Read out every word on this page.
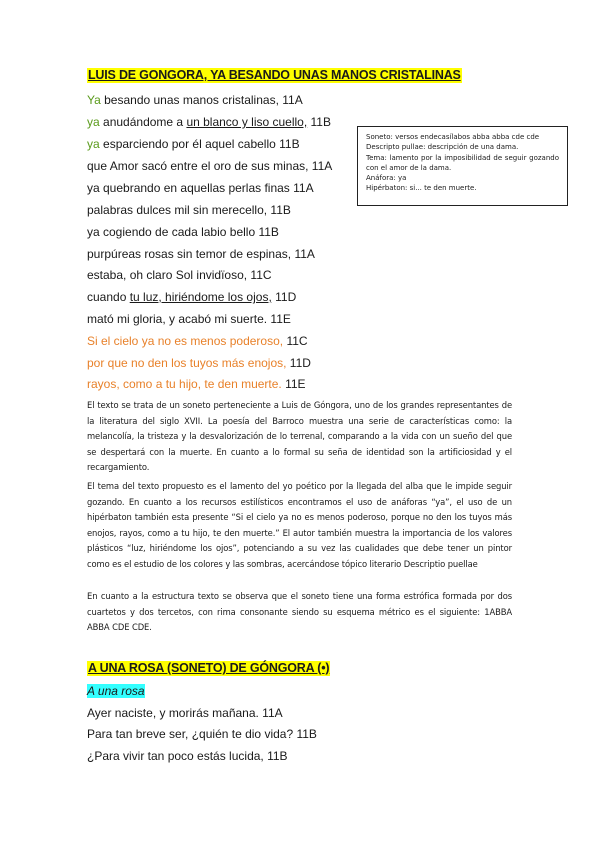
LUIS DE GONGORA, YA BESANDO UNAS MANOS CRISTALINAS
Ya besando unas manos cristalinas, 11A
ya anudándome a un blanco y liso cuello, 11B
ya esparciendo por él aquel cabello 11B
que Amor sacó entre el oro de sus minas, 11A
ya quebrando en aquellas perlas finas 11A
palabras dulces mil sin merecello, 11B
ya cogiendo de cada labio bello 11B
purpúreas rosas sin temor de espinas, 11A
estaba, oh claro Sol invidïoso, 11C
cuando tu luz, hiriéndome los ojos, 11D
mató mi gloria, y acabó mi suerte. 11E
Si el cielo ya no es menos poderoso, 11C
por que no den los tuyos más enojos, 11D
rayos, como a tu hijo, te den muerte. 11E
Soneto: versos endecasílabos abba abba cde cde
Descripto pullae: descripción de una dama.
Tema: lamento por la imposibilidad de seguir gozando con el amor de la dama.
Anáfora: ya
Hipérbaton: si... te den muerte.
El texto se trata de un soneto perteneciente a Luis de Góngora, uno de los grandes representantes de la literatura del siglo XVII. La poesía del Barroco muestra una serie de características como: la melancolía, la tristeza y la desvalorización de lo terrenal, comparando a la vida con un sueño del que se despertará con la muerte. En cuanto a lo formal su seña de identidad son la artificiosidad y el recargamiento.
El tema del texto propuesto es el lamento del yo poético por la llegada del alba que le impide seguir gozando. En cuanto a los recursos estilísticos encontramos el uso de anáforas “ya”, el uso de un hipérbaton también esta presente “Si el cielo ya no es menos poderoso, porque no den los tuyos más enojos, rayos, como a tu hijo, te den muerte.” El autor también muestra la importancia de los valores plásticos “luz, hiriéndome los ojos”, potenciando a su vez las cualidades que debe tener un pintor como es el estudio de los colores y las sombras, acercándose tópico literario Descriptio puellae
En cuanto a la estructura texto se observa que el soneto tiene una forma estrófica formada por dos cuartetos y dos tercetos, con rima consonante siendo su esquema métrico es el siguiente: 1ABBA ABBA CDE CDE.
A UNA ROSA (SONETO) DE GÓNGORA (•)
A una rosa
Ayer naciste, y morirás mañana. 11A
Para tan breve ser, ¿quién te dio vida? 11B
¿Para vivir tan poco estás lucida, 11B
